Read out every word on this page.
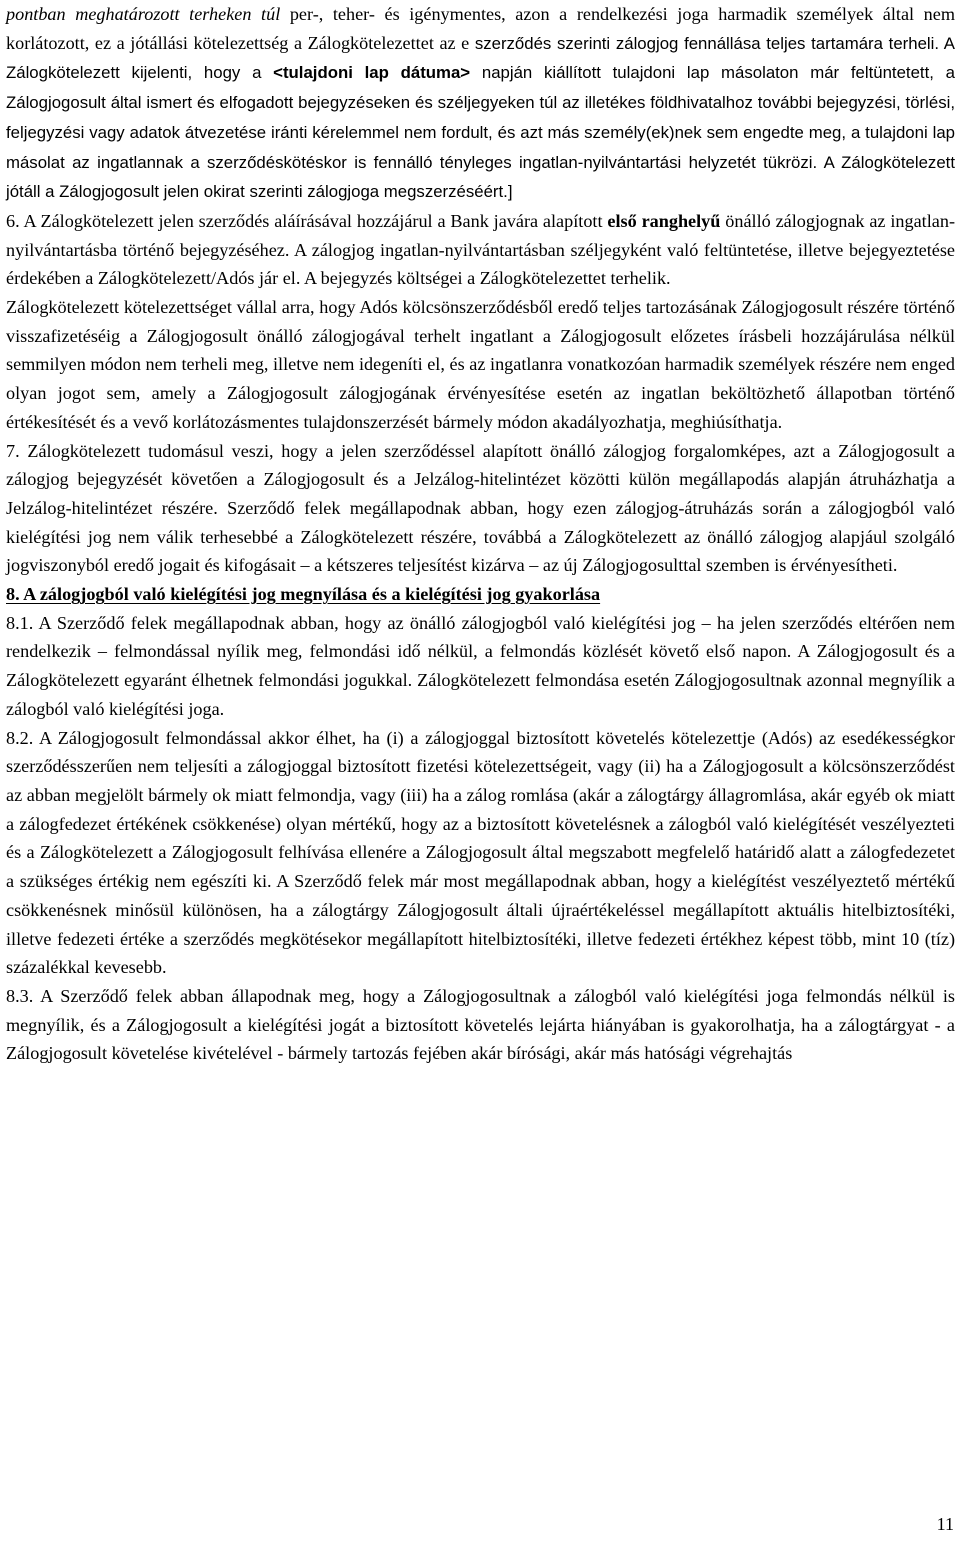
pontban meghatározott terheken túl per-, teher- és igénymentes, azon a rendelkezési joga harmadik személyek által nem korlátozott, ez a jótállási kötelezettség a Zálogkötelezettet az e szerződés szerinti zálogjog fennállása teljes tartamára terheli. A Zálogkötelezett kijelenti, hogy a <tulajdoni lap dátuma> napján kiállított tulajdoni lap másolaton már feltüntetett, a Zálogjogosult által ismert és elfogadott bejegyzéseken és széljegyeken túl az illetékes földhivatalhoz további bejegyzési, törlési, feljegyzési vagy adatok átvezetése iránti kérelemmel nem fordult, és azt más személy(ek)nek sem engedte meg, a tulajdoni lap másolat az ingatlannak a szerződéskötéskor is fennálló tényleges ingatlan-nyilvántartási helyzetét tükrözi. A Zálogkötelezett jótáll a Zálogjogosult jelen okirat szerinti zálogjoga megszerzéséért.]

6. A Zálogkötelezett jelen szerződés aláírásával hozzájárul a Bank javára alapított első ranghelyű önálló zálogjognak az ingatlan-nyilvántartásba történő bejegyzéséhez. A zálogjog ingatlan-nyilvántartásban széljegyként való feltüntetése, illetve bejegyeztetése érdekében a Zálogkötelezett/Adós jár el. A bejegyzés költségei a Zálogkötelezettet terhelik.

Zálogkötelezett kötelezettséget vállal arra, hogy Adós kölcsönszerződésből eredő teljes tartozásának Zálogjogosult részére történő visszafizetéséig a Zálogjogosult önálló zálogjogával terhelt ingatlant a Zálogjogosult előzetes írásbeli hozzájárulása nélkül semmilyen módon nem terheli meg, illetve nem idegeníti el, és az ingatlanra vonatkozóan harmadik személyek részére nem enged olyan jogot sem, amely a Zálogjogosult zálogjogának érvényesítése esetén az ingatlan beköltözhető állapotban történő értékesítését és a vevő korlátozásmentes tulajdonszerzését bármely módon akadályozhatja, meghiúsíthatja.

7. Zálogkötelezett tudomásul veszi, hogy a jelen szerződéssel alapított önálló zálogjog forgalomképes, azt a Zálogjogosult a zálogjog bejegyzését követően a Zálogjogosult és a Jelzálog-hitelintézet közötti külön megállapodás alapján átruházhatja a Jelzálog-hitelintézet részére. Szerződő felek megállapodnak abban, hogy ezen zálogjog-átruházás során a zálogjogból való kielégítési jog nem válik terhesebbé a Zálogkötelezett részére, továbbá a Zálogkötelezett az önálló zálogjog alapjául szolgáló jogviszonyból eredő jogait és kifogásait – a kétszeres teljesítést kizárva – az új Zálogjogosulttal szemben is érvényesítheti.

8. A zálogjogból való kielégítési jog megnyílása és a kielégítési jog gyakorlása

8.1. A Szerződő felek megállapodnak abban, hogy az önálló zálogjogból való kielégítési jog – ha jelen szerződés eltérően nem rendelkezik – felmondással nyílik meg, felmondási idő nélkül, a felmondás közlését követő első napon. A Zálogjogosult és a Zálogkötelezett egyaránt élhetnek felmondási jogukkal. Zálogkötelezett felmondása esetén Zálogjogosultnak azonnal megnyílik a zálogból való kielégítési joga.

8.2. A Zálogjogosult felmondással akkor élhet, ha (i) a zálogjoggal biztosított követelés kötelezettje (Adós) az esedékességkor szerződésszerűen nem teljesíti a zálogjoggal biztosított fizetési kötelezettségeit, vagy (ii) ha a Zálogjogosult a kölcsönszerződést az abban megjelölt bármely ok miatt felmondja, vagy (iii) ha a zálog romlása (akár a zálogtárgy állagromlása, akár egyéb ok miatt a zálogfedezet értékének csökkenése) olyan mértékű, hogy az a biztosított követelésnek a zálogból való kielégítését veszélyezteti és a Zálogkötelezett a Zálogjogosult felhívása ellenére a Zálogjogosult által megszabott megfelelő határidő alatt a zálogfedezetet a szükséges értékig nem egészíti ki. A Szerződő felek már most megállapodnak abban, hogy a kielégítést veszélyeztető mértékű csökkenésnek minősül különösen, ha a zálogtárgy Zálogjogosult általi újraértékeléssel megállapított aktuális hitelbiztosítéki, illetve fedezeti értéke a szerződés megkötésekor megállapított hitelbiztosítéki, illetve fedezeti értékhez képest több, mint 10 (tíz) százalékkal kevesebb.

8.3. A Szerződő felek abban állapodnak meg, hogy a Zálogjogosultnak a zálogból való kielégítési joga felmondás nélkül is megnyílik, és a Zálogjogosult a kielégítési jogát a biztosított követelés lejárta hiányában is gyakorolhatja, ha a zálogtárgyat - a Zálogjogosult követelése kivételével - bármely tartozás fejében akár bírósági, akár más hatósági végrehajtás

11
